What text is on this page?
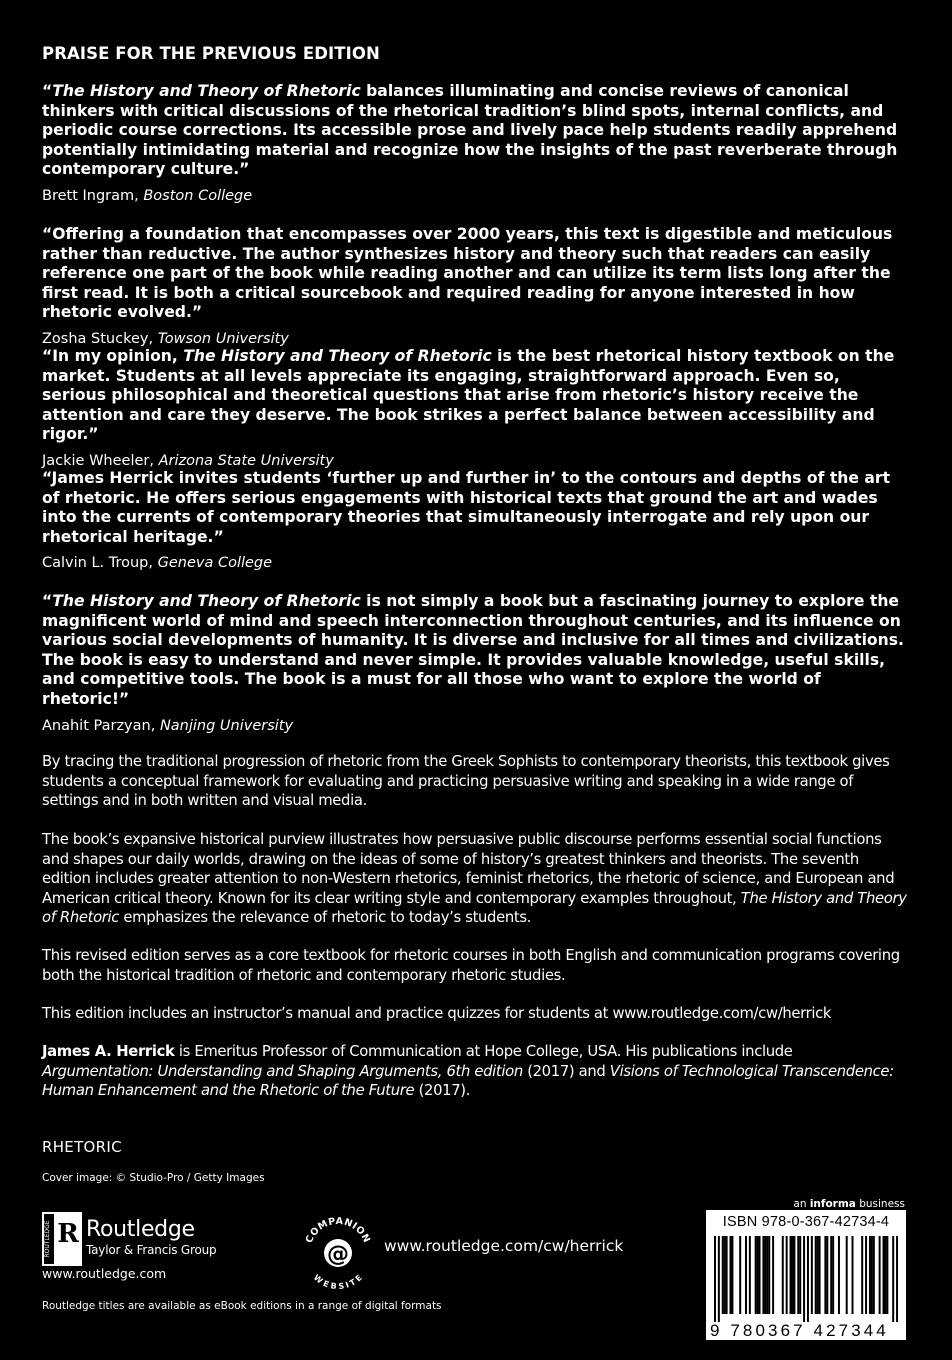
PRAISE FOR THE PREVIOUS EDITION

“The History and Theory of Rhetoric balances illuminating and concise reviews of canonical thinkers with critical discussions of the rhetorical tradition’s blind spots, internal conflicts, and periodic course corrections. Its accessible prose and lively pace help students readily apprehend potentially intimidating material and recognize how the insights of the past reverberate through contemporary culture.”

Brett Ingram, Boston College

“Offering a foundation that encompasses over 2000 years, this text is digestible and meticulous rather than reductive. The author synthesizes history and theory such that readers can easily reference one part of the book while reading another and can utilize its term lists long after the first read. It is both a critical sourcebook and required reading for anyone interested in how rhetoric evolved.”

Zosha Stuckey, Towson University

“In my opinion, The History and Theory of Rhetoric is the best rhetorical history textbook on the market. Students at all levels appreciate its engaging, straightforward approach. Even so, serious philosophical and theoretical questions that arise from rhetoric’s history receive the attention and care they deserve. The book strikes a perfect balance between accessibility and rigor.”

Jackie Wheeler, Arizona State University

“James Herrick invites students ‘further up and further in’ to the contours and depths of the art of rhetoric. He offers serious engagements with historical texts that ground the art and wades into the currents of contemporary theories that simultaneously interrogate and rely upon our rhetorical heritage.”

Calvin L. Troup, Geneva College

“The History and Theory of Rhetoric is not simply a book but a fascinating journey to explore the magnificent world of mind and speech interconnection throughout centuries, and its influence on various social developments of humanity. It is diverse and inclusive for all times and civilizations. The book is easy to understand and never simple. It provides valuable knowledge, useful skills, and competitive tools. The book is a must for all those who want to explore the world of rhetoric!”

Anahit Parzyan, Nanjing University
By tracing the traditional progression of rhetoric from the Greek Sophists to contemporary theorists, this textbook gives students a conceptual framework for evaluating and practicing persuasive writing and speaking in a wide range of settings and in both written and visual media.
The book’s expansive historical purview illustrates how persuasive public discourse performs essential social functions and shapes our daily worlds, drawing on the ideas of some of history’s greatest thinkers and theorists. The seventh edition includes greater attention to non-Western rhetorics, feminist rhetorics, the rhetoric of science, and European and American critical theory. Known for its clear writing style and contemporary examples throughout, The History and Theory of Rhetoric emphasizes the relevance of rhetoric to today’s students.
This revised edition serves as a core textbook for rhetoric courses in both English and communication programs covering both the historical tradition of rhetoric and contemporary rhetoric studies.
This edition includes an instructor’s manual and practice quizzes for students at www.routledge.com/cw/herrick
James A. Herrick is Emeritus Professor of Communication at Hope College, USA. His publications include Argumentation: Understanding and Shaping Arguments, 6th edition (2017) and Visions of Technological Transcendence: Human Enhancement and the Rhetoric of the Future (2017).
RHETORIC
Cover image: © Studio-Pro / Getty Images
an informa business
ROUTLEDGE R Routledge
Taylor & Francis Group
www.routledge.com
COMPANION
WEBSITE
@ www.routledge.com/cw/herrick
Routledge titles are available as eBook editions in a range of digital formats
ISBN 978-0-367-42734-4
9 780367 427344
